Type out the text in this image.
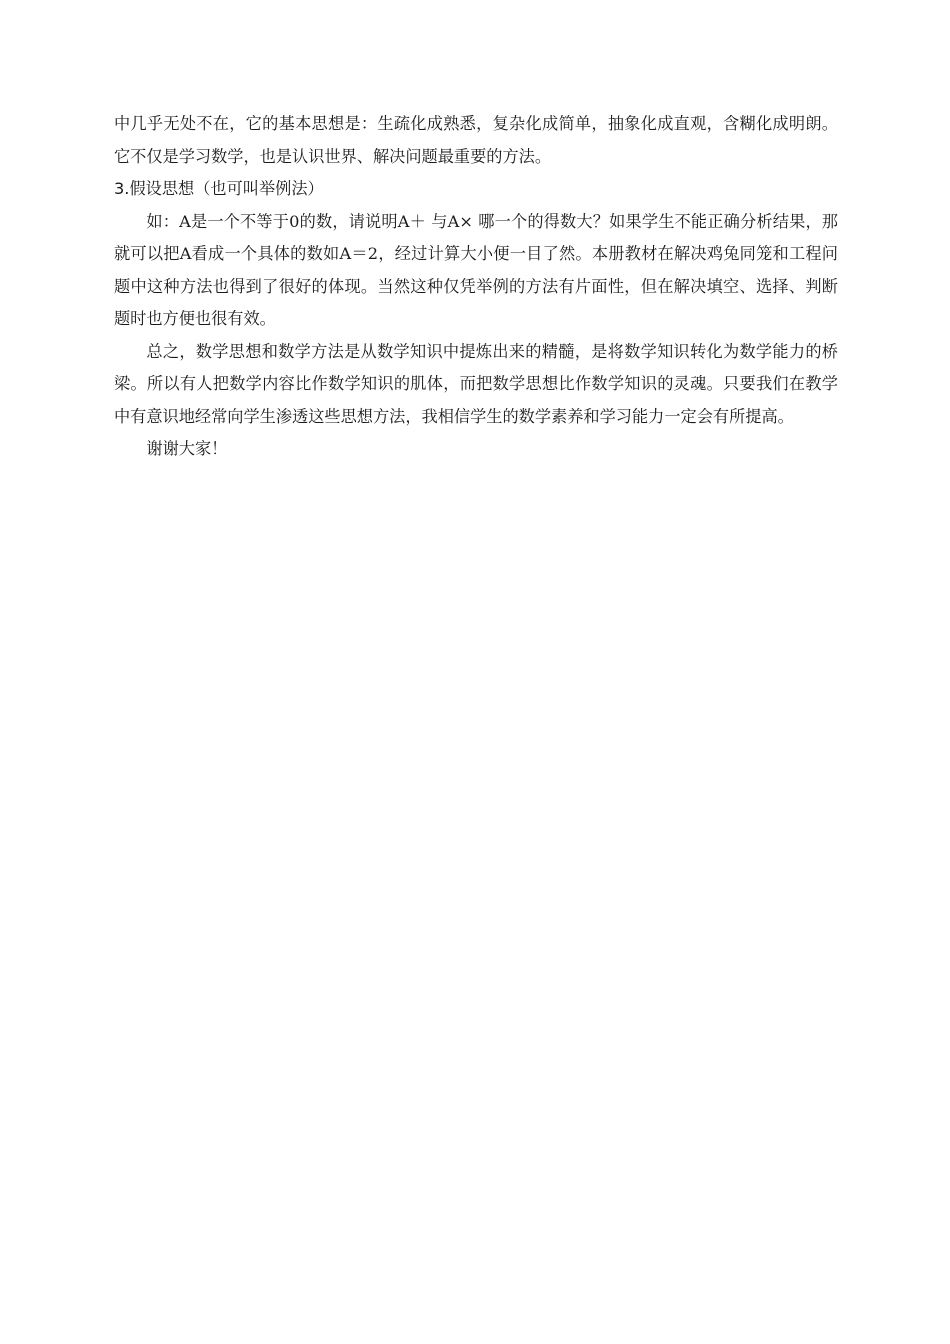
中几乎无处不在，它的基本思想是：生疏化成熟悉，复杂化成简单，抽象化成直观，含糊化成明朗。它不仅是学习数学，也是认识世界、解决问题最重要的方法。

3.假设思想（也可叫举例法）

如：A是一个不等于0的数，请说明A＋ 与A× 哪一个的得数大？如果学生不能正确分析结果，那就可以把A看成一个具体的数如A＝2，经过计算大小便一目了然。本册教材在解决鸡兔同笼和工程问题中这种方法也得到了很好的体现。当然这种仅凭举例的方法有片面性，但在解决填空、选择、判断题时也方便也很有效。

总之，数学思想和数学方法是从数学知识中提炼出来的精髓，是将数学知识转化为数学能力的桥梁。所以有人把数学内容比作数学知识的肌体，而把数学思想比作数学知识的灵魂。只要我们在教学中有意识地经常向学生渗透这些思想方法，我相信学生的数学素养和学习能力一定会有所提高。

谢谢大家！
